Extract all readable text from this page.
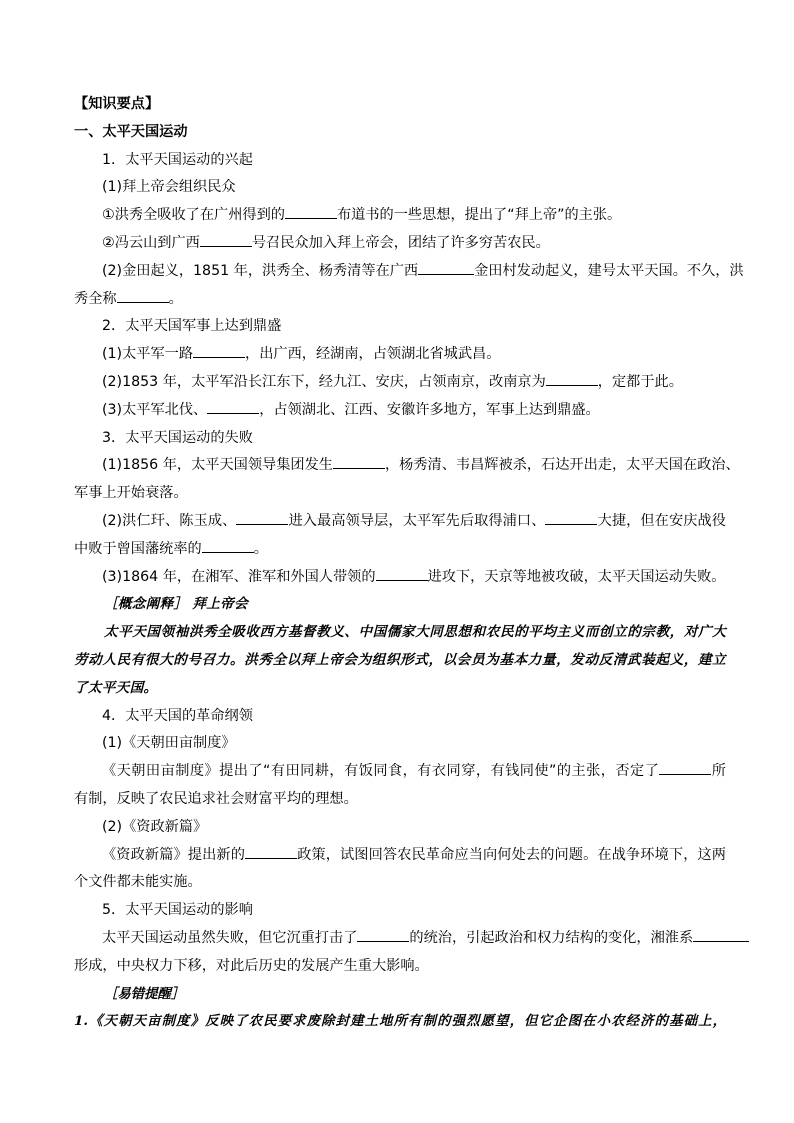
【知识要点】

一、太平天国运动

1．太平天国运动的兴起

(1)拜上帝会组织民众

①洪秀全吸收了在广州得到的	布道书的一些思想，提出了“拜上帝”的主张。

②冯云山到广西	号召民众加入拜上帝会，团结了许多穷苦农民。

(2)金田起义，1851 年，洪秀全、杨秀清等在广西	金田村发动起义，建号太平天国。不久，洪

秀全称	。

2．太平天国军事上达到鼎盛

(1)太平军一路	，出广西，经湖南，占领湖北省城武昌。

(2)1853 年，太平军沿长江东下，经九江、安庆，占领南京，改南京为	，定都于此。

(3)太平军北伐、	，占领湖北、江西、安徽许多地方，军事上达到鼎盛。

3．太平天国运动的失败

(1)1856 年，太平天国领导集团发生	，杨秀清、韦昌辉被杀，石达开出走，太平天国在政治、

军事上开始衰落。

(2)洪仁玕、陈玉成、	进入最高领导层，太平军先后取得浦口、	大捷，但在安庆战役

中败于曾国藩统率的	。

(3)1864 年，在湘军、淮军和外国人带领的	进攻下，天京等地被攻破，太平天国运动失败。

［概念阐释］ 拜上帝会

太平天国领袖洪秀全吸收西方基督教义、中国儒家大同思想和农民的平均主义而创立的宗教，对广大

劳动人民有很大的号召力。洪秀全以拜上帝会为组织形式，以会员为基本力量，发动反清武装起义，建立

了太平天国。

4．太平天国的革命纲领

(1)《天朝田亩制度》

《天朝田亩制度》提出了“有田同耕，有饭同食，有衣同穿，有钱同使”的主张，否定了	所

有制，反映了农民追求社会财富平均的理想。

(2)《资政新篇》

《资政新篇》提出新的	政策，试图回答农民革命应当向何处去的问题。在战争环境下，这两

个文件都未能实施。

5．太平天国运动的影响

太平天国运动虽然失败，但它沉重打击了	的统治，引起政治和权力结构的变化，湘淮系

形成，中央权力下移，对此后历史的发展产生重大影响。

［易错提醒］

1.《天朝天亩制度》反映了农民要求废除封建土地所有制的强烈愿望，但它企图在小农经济的基础上，
